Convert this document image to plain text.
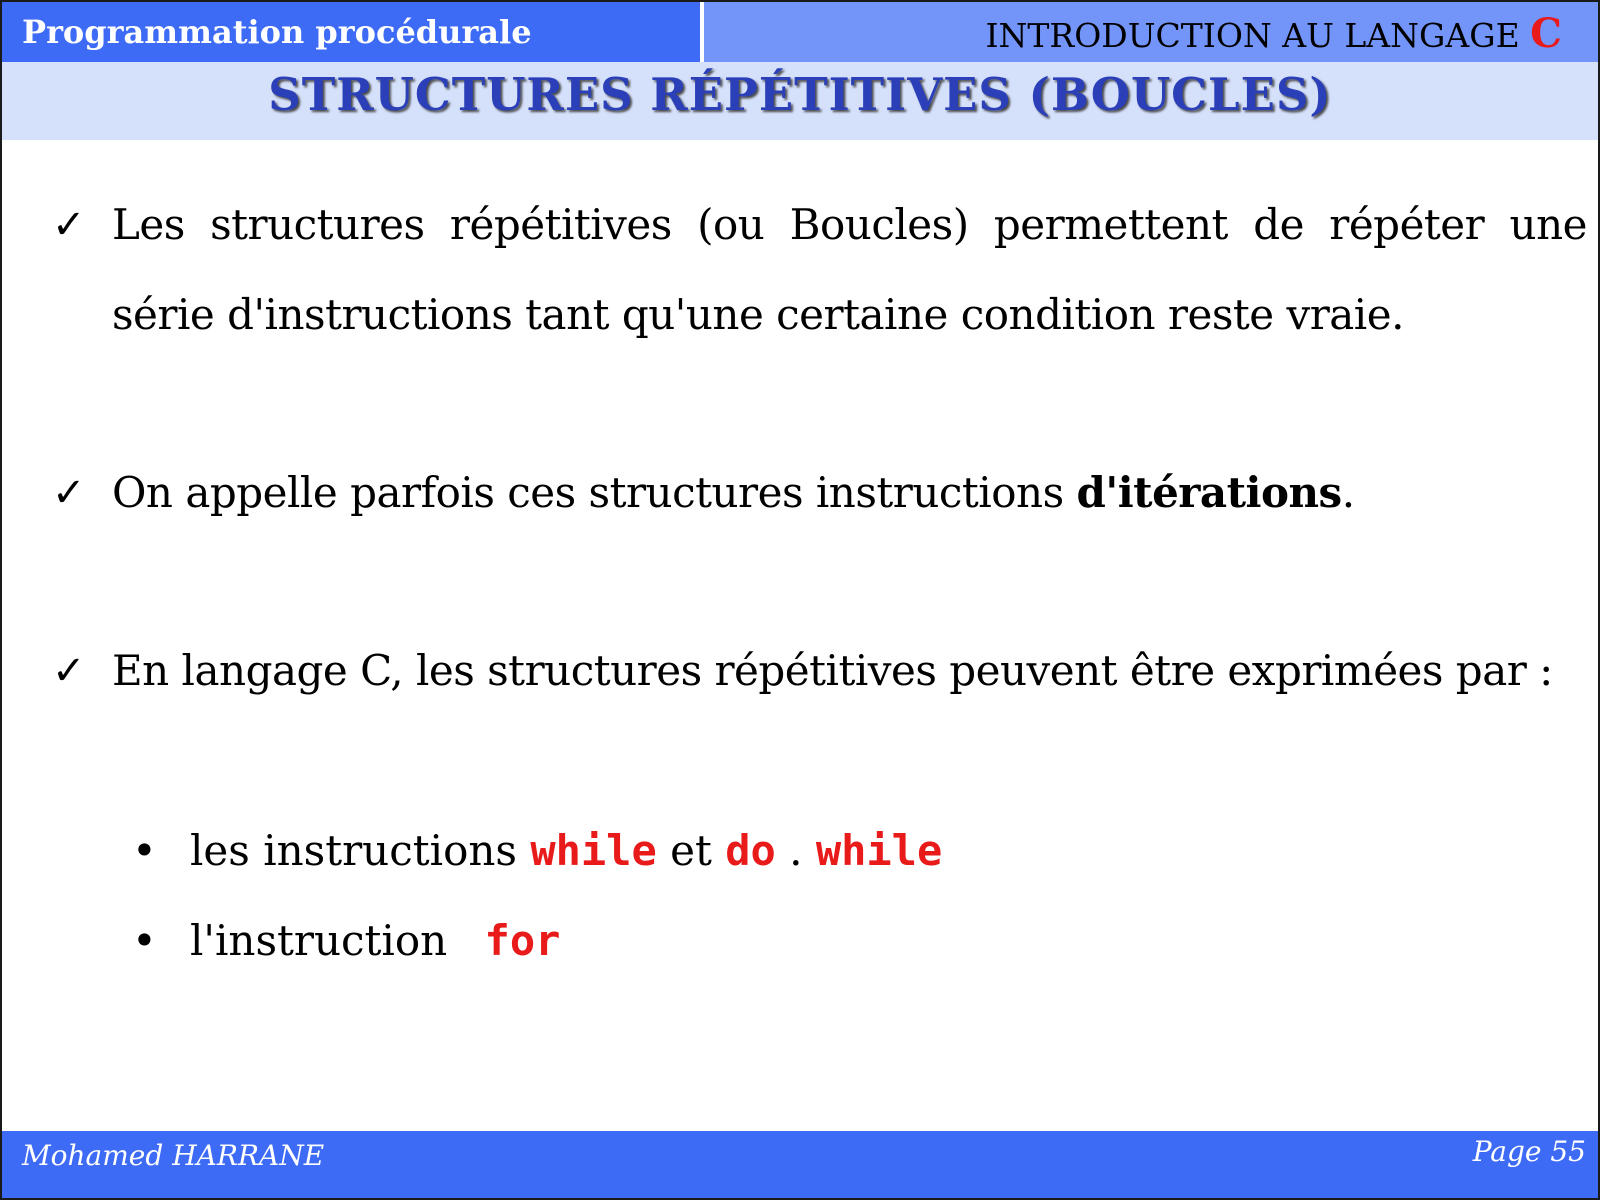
Programmation procédurale	INTRODUCTION AU LANGAGE C
STRUCTURES RÉPÉTITIVES (BOUCLES)
✓ Les structures répétitives (ou Boucles) permettent de répéter une série d'instructions tant qu'une certaine condition reste vraie.
✓ On appelle parfois ces structures instructions d'itérations.
✓ En langage C, les structures répétitives peuvent être exprimées par :
• les instructions while et do . while
• l'instruction for
Mohamed HARRANE	Page 55
